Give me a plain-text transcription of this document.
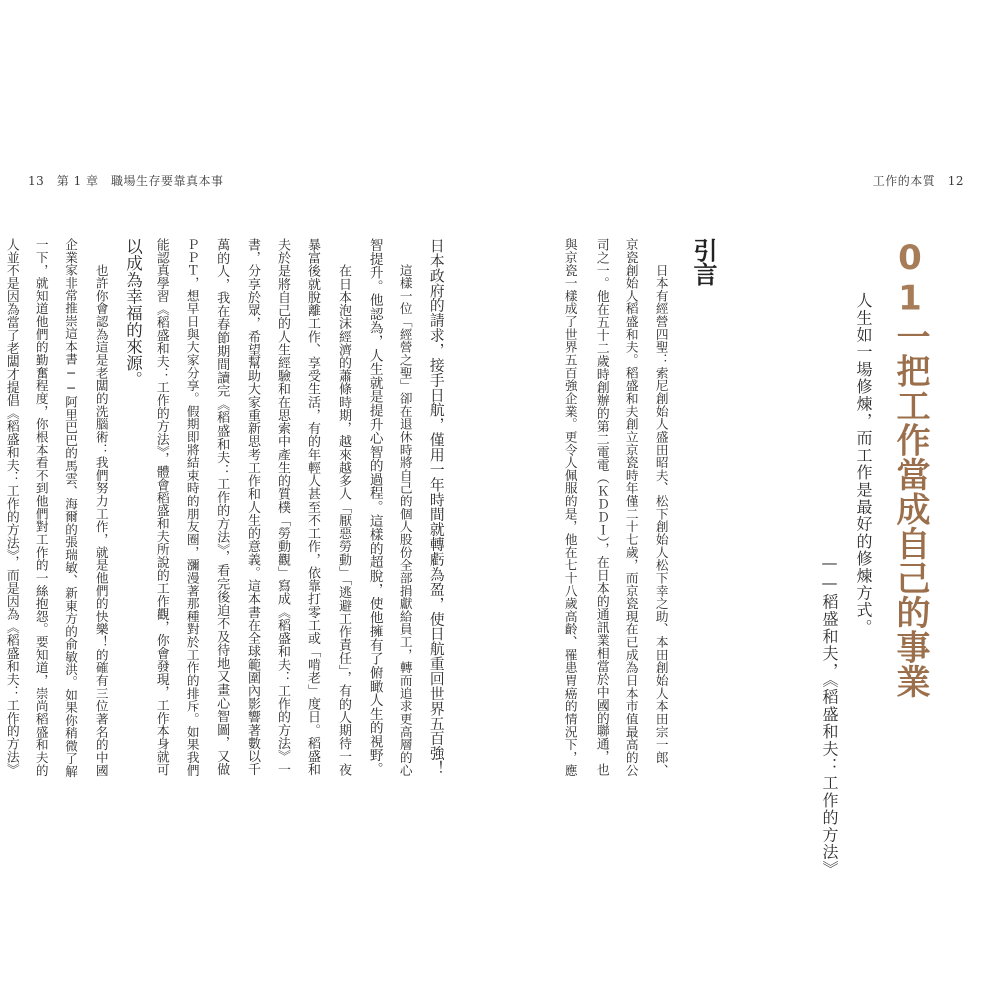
13　第 1 章　職場生存要靠真本事	工作的本質　12
01一把工作當成自己的事業
人生如一場修煉，而工作是最好的修煉方式。
——稻盛和夫，《稻盛和夫：工作的方法》
引言
　　日本有經營四聖：索尼創始人盛田昭夫、松下創始人松下幸之助、本田創始人本田宗一郎、
京瓷創始人稻盛和夫。稻盛和夫創立京瓷時年僅二十七歲，而京瓷現在已成為日本市值最高的公
司之一。他在五十二歲時創辦的第二電電（ＫＤＤＩ），在日本的通訊業相當於中國的聯通，也
與京瓷一樣成了世界五百強企業。更令人佩服的是，他在七十八歲高齡、罹患胃癌的情況下，應
日本政府的請求，接手日航，僅用一年時間就轉虧為盈，使日航重回世界五百強！
　　這樣一位「經營之聖」卻在退休時將自己的個人股份全部捐獻給員工，轉而追求更高層的心
智提升。他認為，人生就是提升心智的過程。這樣的超脫，使他擁有了俯瞰人生的視野。
　　在日本泡沫經濟的蕭條時期，越來越多人「厭惡勞動」「逃避工作責任」，有的人期待一夜
暴富後就脫離工作、享受生活，有的年輕人甚至不工作，依靠打零工或「啃老」度日。稻盛和
夫於是將自己的人生經驗和在思索中產生的質樸「勞動觀」寫成《稻盛和夫：工作的方法》一
書，分享於眾，希望幫助大家重新思考工作和人生的意義。這本書在全球範圍內影響著數以千
萬的人，我在春節期間讀完《稻盛和夫：工作的方法》，看完後迫不及待地又畫心智圖，又做
ＰＰＴ，想早日與大家分享。假期即將結束時的朋友圈，瀰漫著那種對於工作的排斥。如果我們
能認真學習《稻盛和夫：工作的方法》，體會稻盛和夫所說的工作觀，你會發現，工作本身就可
以成為幸福的來源。
　　也許你會認為這是老闆的洗腦術：我們努力工作，就是他們的快樂！的確有三位著名的中國
企業家非常推崇這本書──阿里巴巴的馬雲、海爾的張瑞敏、新東方的俞敏洪。如果你稍微了解
一下，就知道他們的勤奮程度，你根本看不到他們對工作的一絲抱怨。要知道，崇尚稻盛和夫的
人並不是因為當了老闆才提倡《稻盛和夫：工作的方法》，而是因為《稻盛和夫：工作的方法》
